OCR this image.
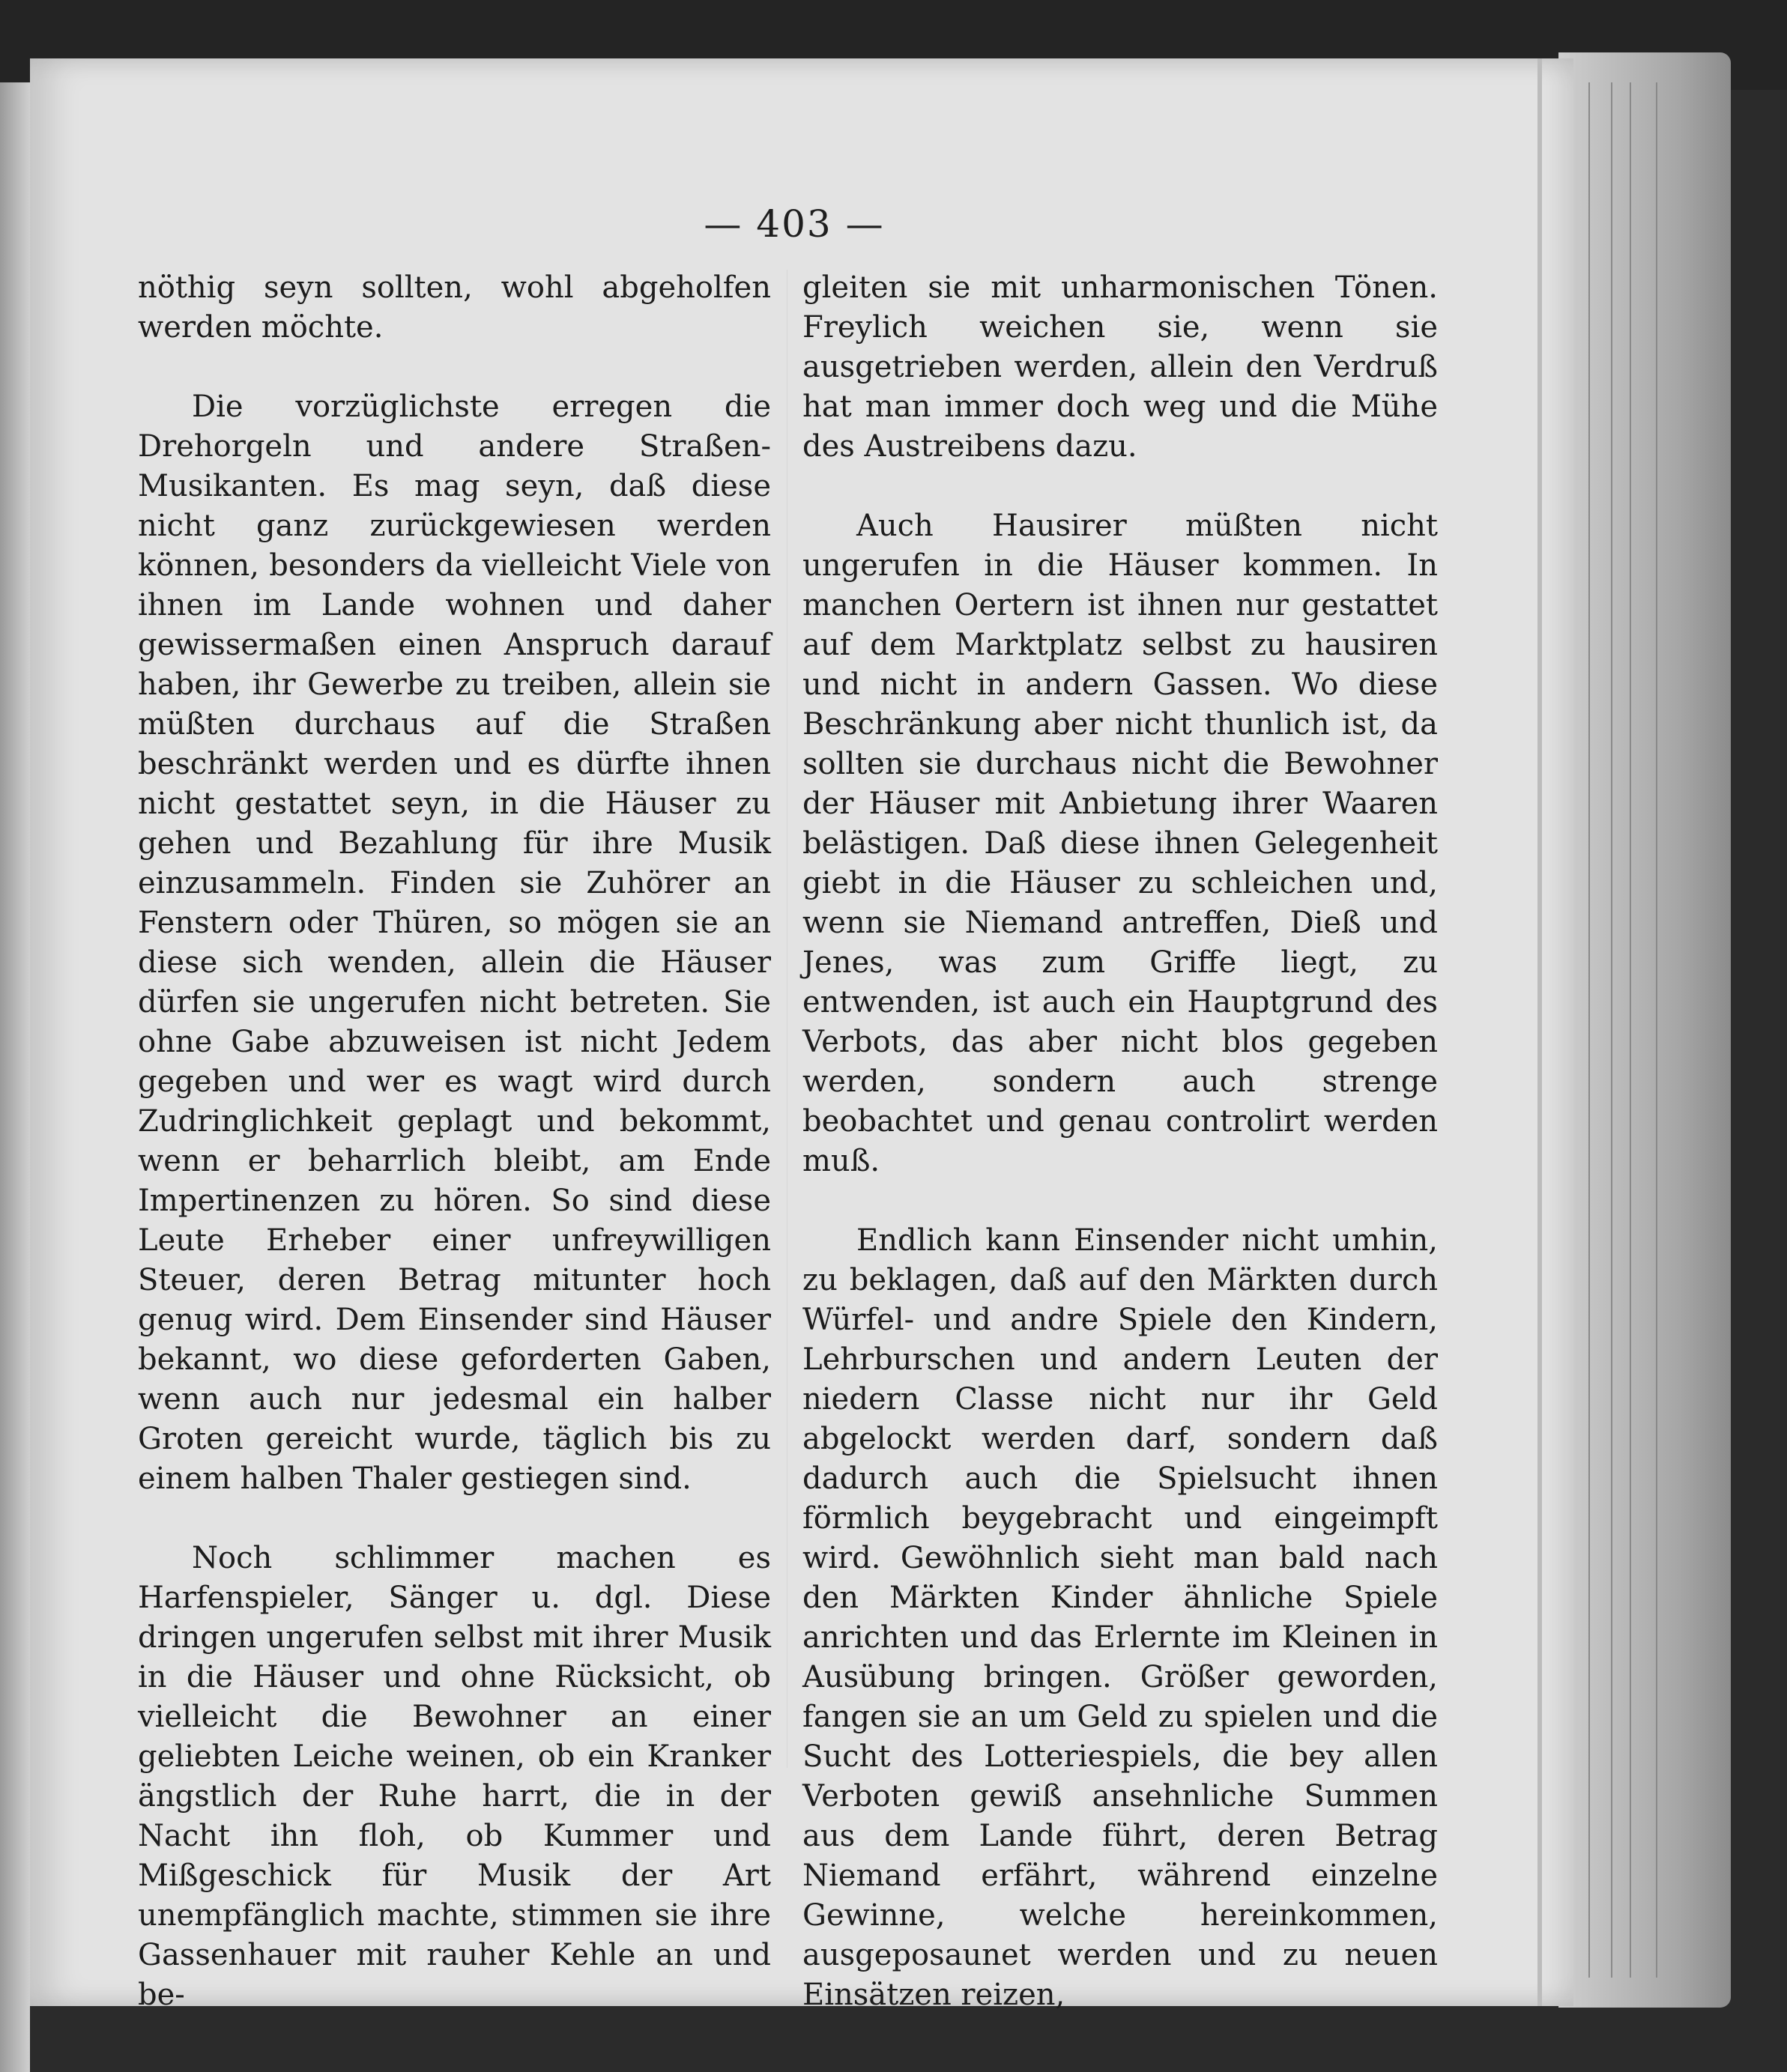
— 403 —

nöthig seyn sollten, wohl abgeholfen werden möchte.

Die vorzüglichste erregen die Drehorgeln und andere Straßen-Musikanten. Es mag seyn, daß diese nicht ganz zurückgewiesen werden können, besonders da vielleicht Viele von ihnen im Lande wohnen und daher gewissermaßen einen Anspruch darauf haben, ihr Gewerbe zu treiben, allein sie müßten durchaus auf die Straßen beschränkt werden und es dürfte ihnen nicht gestattet seyn, in die Häuser zu gehen und Bezahlung für ihre Musik einzusammeln. Finden sie Zuhörer an Fenstern oder Thüren, so mögen sie an diese sich wenden, allein die Häuser dürfen sie ungerufen nicht betreten. Sie ohne Gabe abzuweisen ist nicht Jedem gegeben und wer es wagt wird durch Zudringlichkeit geplagt und bekommt, wenn er beharrlich bleibt, am Ende Impertinenzen zu hören. So sind diese Leute Erheber einer unfreywilligen Steuer, deren Betrag mitunter hoch genug wird. Dem Einsender sind Häuser bekannt, wo diese geforderten Gaben, wenn auch nur jedesmal ein halber Groten gereicht wurde, täglich bis zu einem halben Thaler gestiegen sind.

Noch schlimmer machen es Harfenspieler, Sänger u. dgl. Diese dringen ungerufen selbst mit ihrer Musik in die Häuser und ohne Rücksicht, ob vielleicht die Bewohner an einer geliebten Leiche weinen, ob ein Kranker ängstlich der Ruhe harrt, die in der Nacht ihn floh, ob Kummer und Mißgeschick für Musik der Art unempfänglich machte, stimmen sie ihre Gassenhauer mit rauher Kehle an und be-

gleiten sie mit unharmonischen Tönen. Freylich weichen sie, wenn sie ausgetrieben werden, allein den Verdruß hat man immer doch weg und die Mühe des Austreibens dazu.

Auch Hausirer müßten nicht ungerufen in die Häuser kommen. In manchen Oertern ist ihnen nur gestattet auf dem Marktplatz selbst zu hausiren und nicht in andern Gassen. Wo diese Beschränkung aber nicht thunlich ist, da sollten sie durchaus nicht die Bewohner der Häuser mit Anbietung ihrer Waaren belästigen. Daß diese ihnen Gelegenheit giebt in die Häuser zu schleichen und, wenn sie Niemand antreffen, Dieß und Jenes, was zum Griffe liegt, zu entwenden, ist auch ein Hauptgrund des Verbots, das aber nicht blos gegeben werden, sondern auch strenge beobachtet und genau controlirt werden muß.

Endlich kann Einsender nicht umhin, zu beklagen, daß auf den Märkten durch Würfel- und andre Spiele den Kindern, Lehrburschen und andern Leuten der niedern Classe nicht nur ihr Geld abgelockt werden darf, sondern daß dadurch auch die Spielsucht ihnen förmlich beygebracht und eingeimpft wird. Gewöhnlich sieht man bald nach den Märkten Kinder ähnliche Spiele anrichten und das Erlernte im Kleinen in Ausübung bringen. Größer geworden, fangen sie an um Geld zu spielen und die Sucht des Lotteriespiels, die bey allen Verboten gewiß ansehnliche Summen aus dem Lande führt, deren Betrag Niemand erfährt, während einzelne Gewinne, welche hereinkommen, ausgeposaunet werden und zu neuen Einsätzen reizen,
